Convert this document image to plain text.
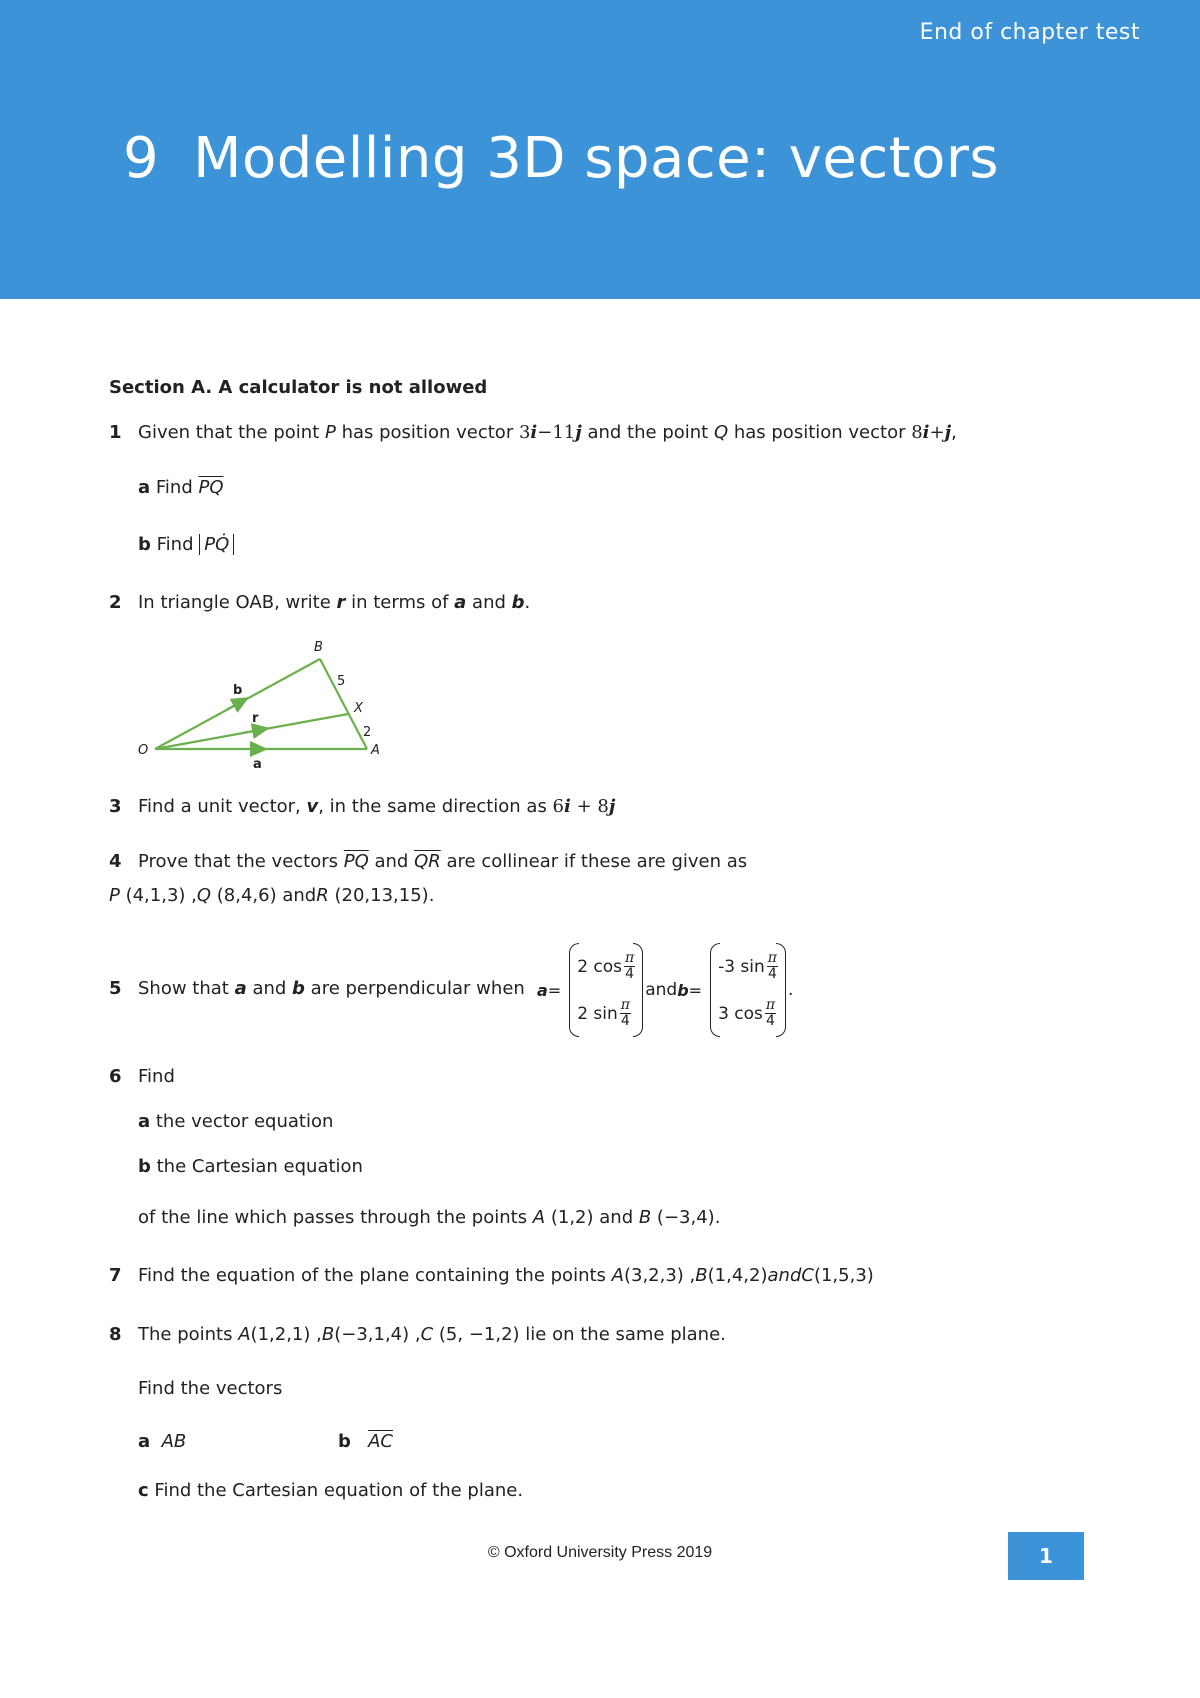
End of chapter test
9 Modelling 3D space: vectors
Section A. A calculator is not allowed
1 Given that the point P has position vector 3i−11j and the point Q has position vector 8i+j,
a Find $\overline{PQ}$
b Find PQ̇
2 In triangle OAB, write r in terms of a and b.
O	A
B
X
a
b
r
5
2
3 Find a unit vector, v, in the same direction as 6i + 8j
4 Prove that the vectors $\overline{PQ}$ and $\overline{QR}$ are collinear if these are given as
P (4,1,3) ,Q (8,4,6) andR (20,13,15).
5 Show that a and b are perpendicular when a =
2 $\cos \frac{\pi}{4}$
2 $\sin \frac{\pi}{4}$
and b =
-3 $\sin \frac{\pi}{4}$
3 $\cos \frac{\pi}{4}$
.
6 Find
a the vector equation
b the Cartesian equation
of the line which passes through the points A (1,2) and B (−3,4).
7 Find the equation of the plane containing the points A(3,2,3) ,B(1,4,2)andC(1,5,3)
8 The points A(1,2,1) ,B(−3,1,4) ,C (5, −1,2) lie on the same plane.
Find the vectors
a AB	b $\overline{AC}$
c Find the Cartesian equation of the plane.
© Oxford University Press 2019	1
